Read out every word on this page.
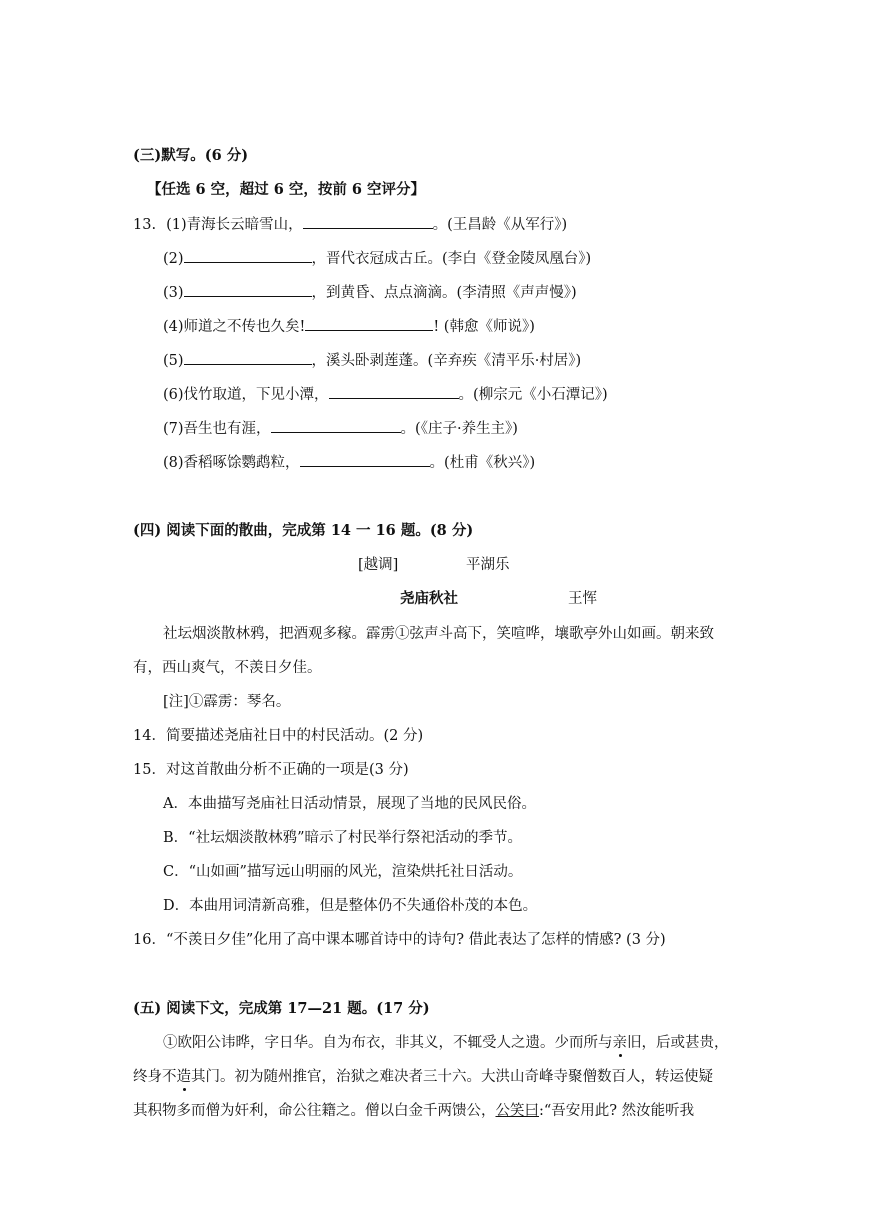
(三)默写。(6 分)
【任选 6 空，超过 6 空，按前 6 空评分】
13. (1)青海长云暗雪山，	。(王昌龄《从军行》)
(2)	，晋代衣冠成古丘。(李白《登金陵凤凰台》)
(3)	，到黄昏、点点滴滴。(李清照《声声慢》)
(4)师道之不传也久矣!	! (韩愈《师说》)
(5)	，溪头卧剥莲蓬。(辛弃疾《清平乐·村居》)
(6)伐竹取道，下见小潭，	。(柳宗元《小石潭记》)
(7)吾生也有涯，	。(《庄子·养生主》)
(8)香稻啄馀鹦鹉粒，	。(杜甫《秋兴》)
(四) 阅读下面的散曲，完成第 14 一 16 题。(8 分)
[越调]	平湖乐
尧庙秋社	王恽
社坛烟淡散林鸦，把酒观多稼。霹雳①弦声斗高下，笑喧哗，壤歌亭外山如画。朝来致
有，西山爽气，不羡日夕佳。
[注]①霹雳：琴名。
14．简要描述尧庙社日中的村民活动。(2 分)
15．对这首散曲分析不正确的一项是(3 分)
A．本曲描写尧庙社日活动情景，展现了当地的民风民俗。
B．“社坛烟淡散林鸦”暗示了村民举行祭祀活动的季节。
C．“山如画”描写远山明丽的风光，渲染烘托社日活动。
D．本曲用词清新高雅，但是整体仍不失通俗朴茂的本色。
16．“不羡日夕佳”化用了高中课本哪首诗中的诗句? 借此表达了怎样的情感? (3 分)
(五) 阅读下文，完成第 17—21 题。(17 分)
①欧阳公讳晔，字日华。自为布衣，非其义，不辄受人之遗。少而所与亲旧，后或甚贵，
终身不造其门。初为随州推官，治狱之难决者三十六。大洪山奇峰寺聚僧数百人，转运使疑
其积物多而僧为奸利，命公往籍之。僧以白金千两馈公，公笑曰:“吾安用此? 然汝能听我
